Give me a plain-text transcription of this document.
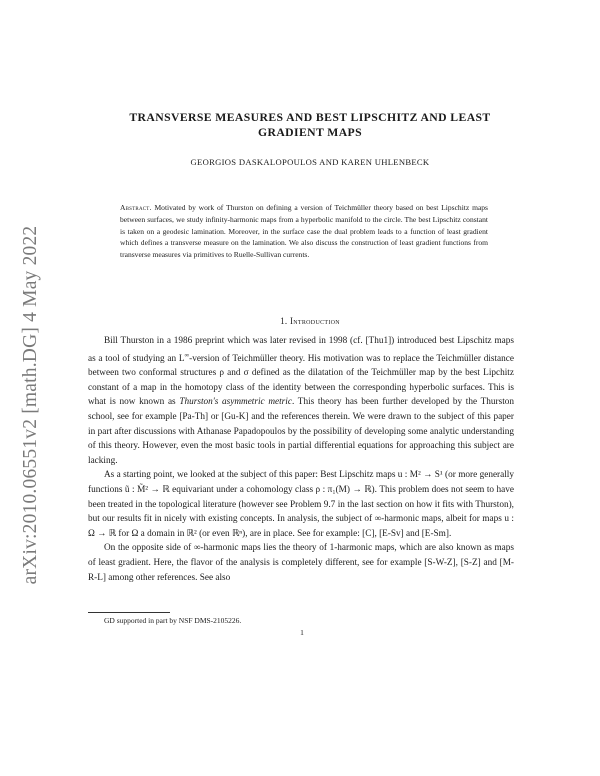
arXiv:2010.06551v2 [math.DG] 4 May 2022
TRANSVERSE MEASURES AND BEST LIPSCHITZ AND LEAST
GRADIENT MAPS
GEORGIOS DASKALOPOULOS AND KAREN UHLENBECK
Abstract. Motivated by work of Thurston on defining a version of Teichmüller theory based on best Lipschitz maps between surfaces, we study infinity-harmonic maps from a hyperbolic manifold to the circle. The best Lipschitz constant is taken on a geodesic lamination. Moreover, in the surface case the dual problem leads to a function of least gradient which defines a transverse measure on the lamination. We also discuss the construction of least gradient functions from transverse measures via primitives to Ruelle-Sullivan currents.
1. Introduction

Bill Thurston in a 1986 preprint which was later revised in 1998 (cf. [Thu1]) introduced best Lipschitz maps as a tool of studying an L∞-version of Teichmüller theory. His motivation was to replace the Teichmüller distance between two conformal structures ρ and σ defined as the dilatation of the Teichmüller map by the best Lipchitz constant of a map in the homotopy class of the identity between the corresponding hyperbolic surfaces. This is what is now known as Thurston's asymmetric metric. This theory has been further developed by the Thurston school, see for example [Pa-Th] or [Gu-K] and the references therein. We were drawn to the subject of this paper in part after discussions with Athanase Papadopoulos by the possibility of developing some analytic understanding of this theory. However, even the most basic tools in partial differential equations for approaching this subject are lacking.

As a starting point, we looked at the subject of this paper: Best Lipschitz maps u : M² → S¹ (or more generally functions ũ : M̃² → ℝ equivariant under a cohomology class ρ : π₁(M) → ℝ). This problem does not seem to have been treated in the topological literature (however see Problem 9.7 in the last section on how it fits with Thurston), but our results fit in nicely with existing concepts. In analysis, the subject of ∞-harmonic maps, albeit for maps u : Ω → ℝ for Ω a domain in ℝ² (or even ℝⁿ), are in place. See for example: [C], [E-Sv] and [E-Sm].

On the opposite side of ∞-harmonic maps lies the theory of 1-harmonic maps, which are also known as maps of least gradient. Here, the flavor of the analysis is completely different, see for example [S-W-Z], [S-Z] and [M-R-L] among other references. See also

GD supported in part by NSF DMS-2105226.
1
